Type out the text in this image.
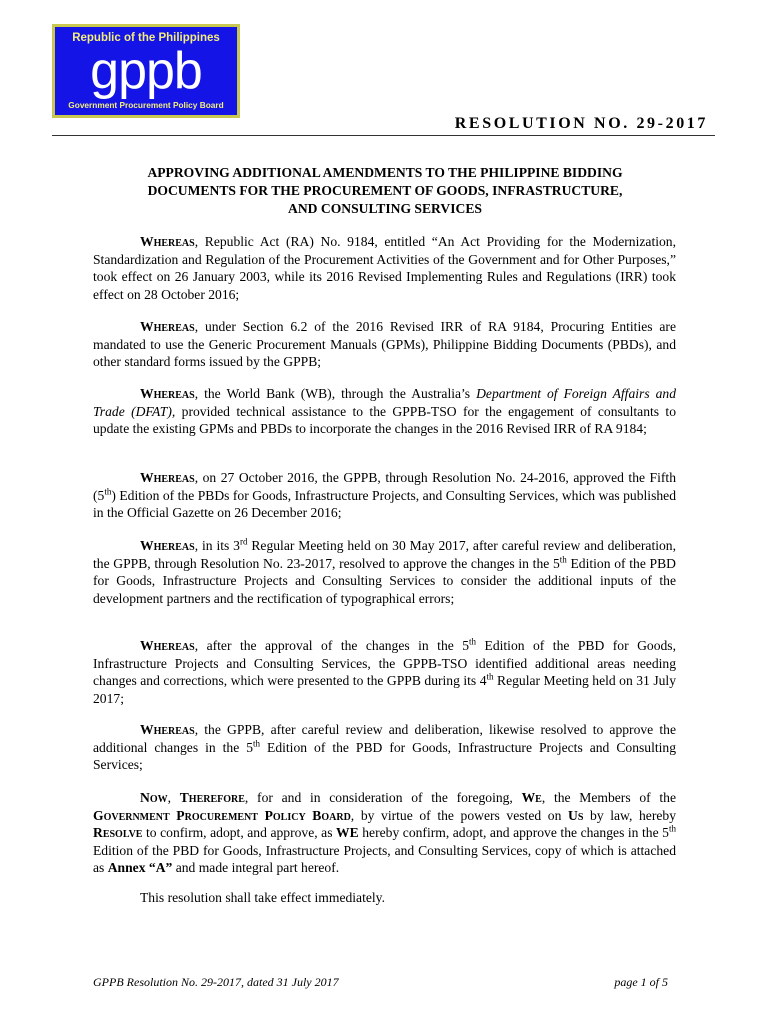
Republic of the Philippines
gppb
Government Procurement Policy Board
RESOLUTION NO. 29-2017
APPROVING ADDITIONAL AMENDMENTS TO THE PHILIPPINE BIDDING
DOCUMENTS FOR THE PROCUREMENT OF GOODS, INFRASTRUCTURE,
AND CONSULTING SERVICES
Whereas, Republic Act (RA) No. 9184, entitled “An Act Providing for the Modernization, Standardization and Regulation of the Procurement Activities of the Government and for Other Purposes,” took effect on 26 January 2003, while its 2016 Revised Implementing Rules and Regulations (IRR) took effect on 28 October 2016;
Whereas, under Section 6.2 of the 2016 Revised IRR of RA 9184, Procuring Entities are mandated to use the Generic Procurement Manuals (GPMs), Philippine Bidding Documents (PBDs), and other standard forms issued by the GPPB;
Whereas, the World Bank (WB), through the Australia’s Department of Foreign Affairs and Trade (DFAT), provided technical assistance to the GPPB-TSO for the engagement of consultants to update the existing GPMs and PBDs to incorporate the changes in the 2016 Revised IRR of RA 9184;
Whereas, on 27 October 2016, the GPPB, through Resolution No. 24-2016, approved the Fifth (5th) Edition of the PBDs for Goods, Infrastructure Projects, and Consulting Services, which was published in the Official Gazette on 26 December 2016;
Whereas, in its 3rd Regular Meeting held on 30 May 2017, after careful review and deliberation, the GPPB, through Resolution No. 23-2017, resolved to approve the changes in the 5th Edition of the PBD for Goods, Infrastructure Projects and Consulting Services to consider the additional inputs of the development partners and the rectification of typographical errors;
Whereas, after the approval of the changes in the 5th Edition of the PBD for Goods, Infrastructure Projects and Consulting Services, the GPPB-TSO identified additional areas needing changes and corrections, which were presented to the GPPB during its 4th Regular Meeting held on 31 July 2017;
Whereas, the GPPB, after careful review and deliberation, likewise resolved to approve the additional changes in the 5th Edition of the PBD for Goods, Infrastructure Projects and Consulting Services;
Now, Therefore, for and in consideration of the foregoing, We, the Members of the Government Procurement Policy Board, by virtue of the powers vested on Us by law, hereby Resolve to confirm, adopt, and approve, as WE hereby confirm, adopt, and approve the changes in the 5th Edition of the PBD for Goods, Infrastructure Projects, and Consulting Services, copy of which is attached as Annex “A” and made integral part hereof.
This resolution shall take effect immediately.
GPPB Resolution No. 29-2017, dated 31 July 2017	page 1 of 5
